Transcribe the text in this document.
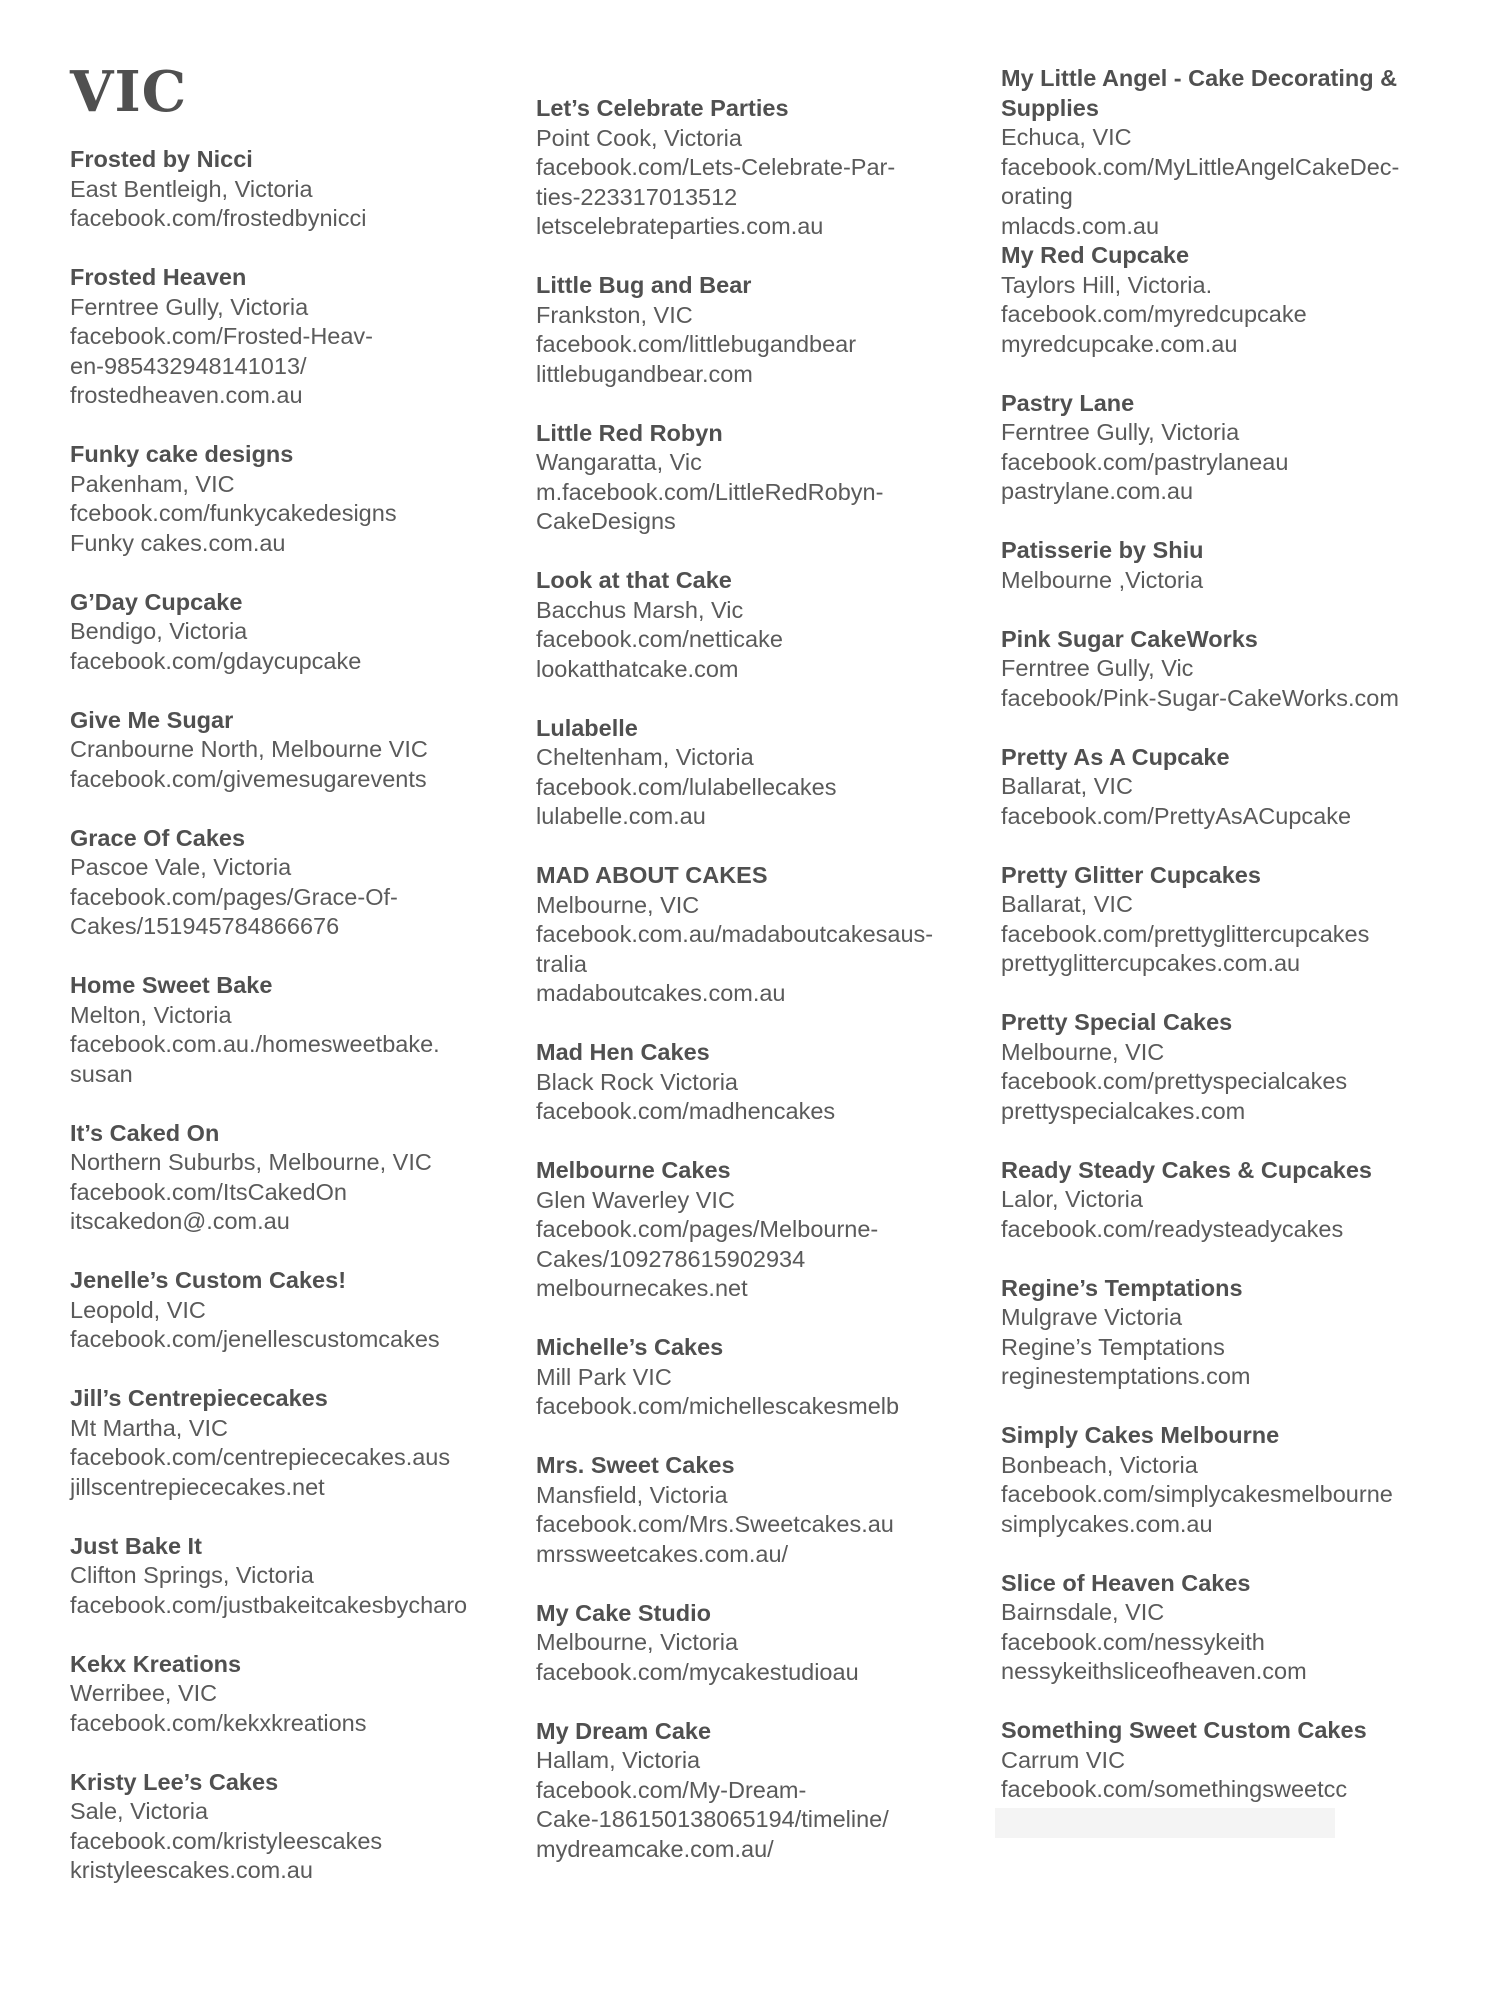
VIC
Frosted by Nicci
East Bentleigh, Victoria
facebook.com/frostedbynicci
Frosted Heaven
Ferntree Gully, Victoria
facebook.com/Frosted-Heav-
en-985432948141013/
frostedheaven.com.au
Funky cake designs
Pakenham, VIC
fcebook.com/funkycakedesigns
Funky cakes.com.au
G’Day Cupcake
Bendigo, Victoria
facebook.com/gdaycupcake
Give Me Sugar
Cranbourne North, Melbourne VIC
facebook.com/givemesugarevents
Grace Of Cakes
Pascoe Vale, Victoria
facebook.com/pages/Grace-Of-
Cakes/151945784866676
Home Sweet Bake
Melton, Victoria
facebook.com.au./homesweetbake.
susan
It’s Caked On
Northern Suburbs, Melbourne, VIC
facebook.com/ItsCakedOn
itscakedon@.com.au
Jenelle’s Custom Cakes!
Leopold, VIC
facebook.com/jenellescustomcakes
Jill’s Centrepiececakes
Mt Martha, VIC
facebook.com/centrepiececakes.aus
jillscentrepiececakes.net
Just Bake It
Clifton Springs, Victoria
facebook.com/justbakeitcakesbycharo
Kekx Kreations
Werribee, VIC
facebook.com/kekxkreations
Kristy Lee’s Cakes
Sale, Victoria
facebook.com/kristyleescakes
kristyleescakes.com.au
Let’s Celebrate Parties
Point Cook, Victoria
facebook.com/Lets-Celebrate-Par-
ties-223317013512
letscelebrateparties.com.au
Little Bug and Bear
Frankston, VIC
facebook.com/littlebugandbear
littlebugandbear.com
Little Red Robyn
Wangaratta, Vic
m.facebook.com/LittleRedRobyn-
CakeDesigns
Look at that Cake
Bacchus Marsh, Vic
facebook.com/netticake
lookatthatcake.com
Lulabelle
Cheltenham, Victoria
facebook.com/lulabellecakes
lulabelle.com.au
MAD ABOUT CAKES
Melbourne, VIC
facebook.com.au/madaboutcakesaus-
tralia
madaboutcakes.com.au
Mad Hen Cakes
Black Rock Victoria
facebook.com/madhencakes
Melbourne Cakes
Glen Waverley VIC
facebook.com/pages/Melbourne-
Cakes/109278615902934
melbournecakes.net
Michelle’s Cakes
Mill Park VIC
facebook.com/michellescakesmelb
Mrs. Sweet Cakes
Mansfield, Victoria
facebook.com/Mrs.Sweetcakes.au
mrssweetcakes.com.au/
My Cake Studio
Melbourne, Victoria
facebook.com/mycakestudioau
My Dream Cake
Hallam, Victoria
facebook.com/My-Dream-
Cake-186150138065194/timeline/
mydreamcake.com.au/
My Little Angel - Cake Decorating &
Supplies
Echuca, VIC
facebook.com/MyLittleAngelCakeDec-
orating
mlacds.com.au
My Red Cupcake
Taylors Hill, Victoria.
facebook.com/myredcupcake
myredcupcake.com.au
Pastry Lane
Ferntree Gully, Victoria
facebook.com/pastrylaneau
pastrylane.com.au
Patisserie by Shiu
Melbourne ,Victoria
Pink Sugar CakeWorks
Ferntree Gully, Vic
facebook/Pink-Sugar-CakeWorks.com
Pretty As A Cupcake
Ballarat, VIC
facebook.com/PrettyAsACupcake
Pretty Glitter Cupcakes
Ballarat, VIC
facebook.com/prettyglittercupcakes
prettyglittercupcakes.com.au
Pretty Special Cakes
Melbourne, VIC
facebook.com/prettyspecialcakes
prettyspecialcakes.com
Ready Steady Cakes & Cupcakes
Lalor, Victoria
facebook.com/readysteadycakes
Regine’s Temptations
Mulgrave Victoria
Regine’s Temptations
reginestemptations.com
Simply Cakes Melbourne
Bonbeach, Victoria
facebook.com/simplycakesmelbourne
simplycakes.com.au
Slice of Heaven Cakes
Bairnsdale, VIC
facebook.com/nessykeith
nessykeithsliceofheaven.com
Something Sweet Custom Cakes
Carrum VIC
facebook.com/somethingsweetcc
